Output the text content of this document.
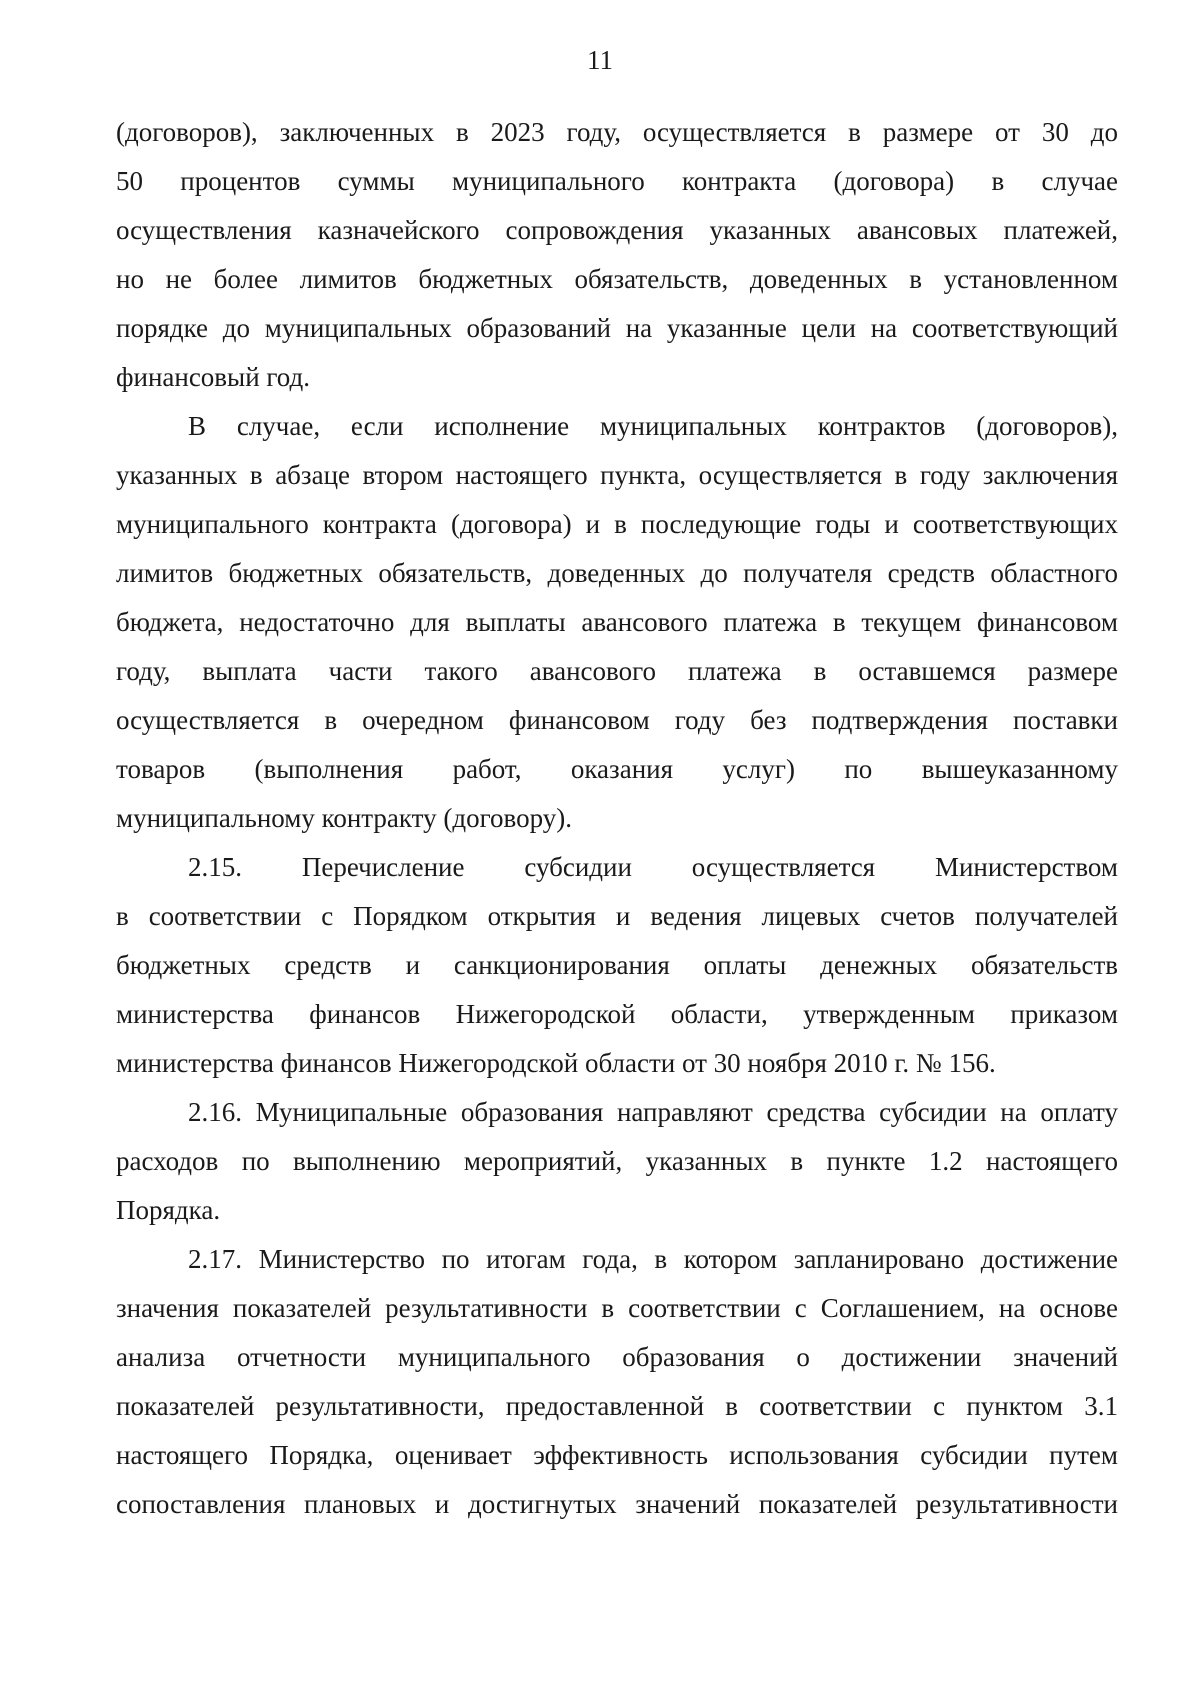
11
(договоров), заключенных в 2023 году, осуществляется в размере от 30 до
50 процентов суммы муниципального контракта (договора) в случае
осуществления казначейского сопровождения указанных авансовых платежей,
но не более лимитов бюджетных обязательств, доведенных в установленном
порядке до муниципальных образований на указанные цели на соответствующий
финансовый год.
В случае, если исполнение муниципальных контрактов (договоров),
указанных в абзаце втором настоящего пункта, осуществляется в году заключения
муниципального контракта (договора) и в последующие годы и соответствующих
лимитов бюджетных обязательств, доведенных до получателя средств областного
бюджета, недостаточно для выплаты авансового платежа в текущем финансовом
году, выплата части такого авансового платежа в оставшемся размере
осуществляется в очередном финансовом году без подтверждения поставки
товаров (выполнения работ, оказания услуг) по вышеуказанному
муниципальному контракту (договору).
2.15. Перечисление субсидии осуществляется Министерством
в соответствии с Порядком открытия и ведения лицевых счетов получателей
бюджетных средств и санкционирования оплаты денежных обязательств
министерства финансов Нижегородской области, утвержденным приказом
министерства финансов Нижегородской области от 30 ноября 2010 г. № 156.
2.16. Муниципальные образования направляют средства субсидии на оплату
расходов по выполнению мероприятий, указанных в пункте 1.2 настоящего
Порядка.
2.17. Министерство по итогам года, в котором запланировано достижение
значения показателей результативности в соответствии с Соглашением, на основе
анализа отчетности муниципального образования о достижении значений
показателей результативности, предоставленной в соответствии с пунктом 3.1
настоящего Порядка, оценивает эффективность использования субсидии путем
сопоставления плановых и достигнутых значений показателей результативности
